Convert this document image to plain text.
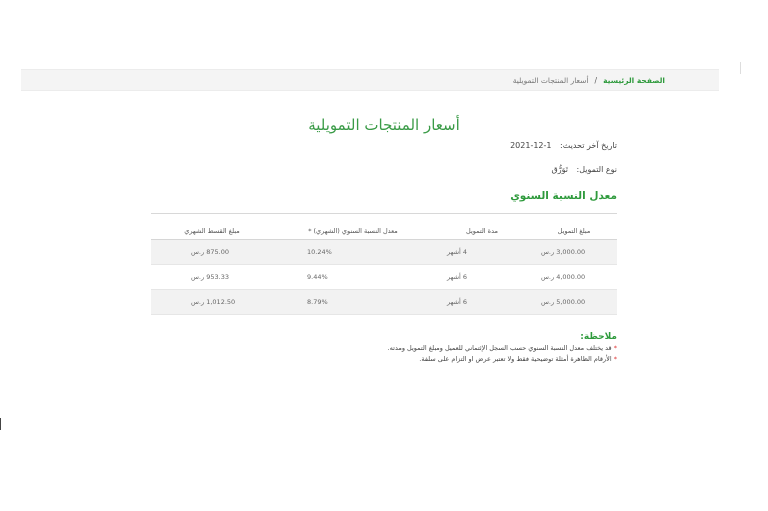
الصفحة الرئيسية
/
أسعار المنتجات التمويلية
أسعار المنتجات التمويلية
تاريخ آخر تحديث: 1-12-2021
نوع التمويل: تَوَرُّق
معدل النسبة السنوي
مبلغ التمويل	مدة التمويل	معدل النسبة السنوي (الشهري) *	مبلغ القسط الشهري
3,000.00 ر.س	4 أشهر	10.24%	875.00 ر.س
4,000.00 ر.س	6 أشهر	9.44%	953.33 ر.س
5,000.00 ر.س	6 أشهر	8.79%	1,012.50 ر.س
ملاحظة:
* قد يختلف معدل النسبة السنوي حسب السجل الإئتماني للعميل ومبلغ التمويل ومدته.
* الأرقام الظاهرة أمثلة توضيحية فقط ولا تعتبر عرض او التزام على سلفة.
